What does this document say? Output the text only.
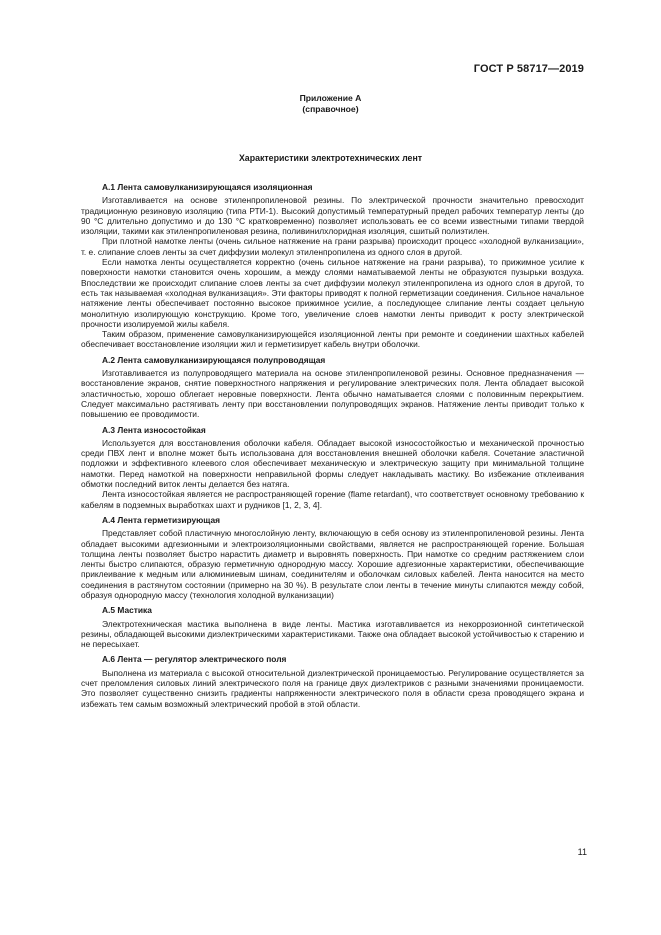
ГОСТ Р 58717—2019
Приложение А
(справочное)
Характеристики электротехнических лент
А.1 Лента самовулканизирующаяся изоляционная

Изготавливается на основе этиленпропиленовой резины. По электрической прочности значительно превосходит традиционную резиновую изоляцию (типа РТИ-1). Высокий допустимый температурный предел рабочих температур ленты (до 90 °С длительно допустимо и до 130 °С кратковременно) позволяет использовать ее со всеми известными типами твердой изоляции, такими как этиленпропиленовая резина, поливинилхлоридная изоляция, сшитый полиэтилен.

При плотной намотке ленты (очень сильное натяжение на грани разрыва) происходит процесс «холодной вулканизации», т. е. слипание слоев ленты за счет диффузии молекул этиленпропилена из одного слоя в другой.

Если намотка ленты осуществляется корректно (очень сильное натяжение на грани разрыва), то прижимное усилие к поверхности намотки становится очень хорошим, а между слоями наматываемой ленты не образуются пузырьки воздуха. Впоследствии же происходит слипание слоев ленты за счет диффузии молекул этиленпропилена из одного слоя в другой, то есть так называемая «холодная вулканизация». Эти факторы приводят к полной герметизации соединения. Сильное начальное натяжение ленты обеспечивает постоянно высокое прижимное усилие, а последующее слипание ленты создает цельную монолитную изолирующую конструкцию. Кроме того, увеличение слоев намотки ленты приводит к росту электрической прочности изолируемой жилы кабеля.

Таким образом, применение самовулканизирующейся изоляционной ленты при ремонте и соединении шахтных кабелей обеспечивает восстановление изоляции жил и герметизирует кабель внутри оболочки.

А.2 Лента самовулканизирующаяся полупроводящая

Изготавливается из полупроводящего материала на основе этиленпропиленовой резины. Основное предназначения — восстановление экранов, снятие поверхностного напряжения и регулирование электрических поля. Лента обладает высокой эластичностью, хорошо облегает неровные поверхности. Лента обычно наматывается слоями с половинным перекрытием. Следует максимально растягивать ленту при восстановлении полупроводящих экранов. Натяжение ленты приводит только к повышению ее проводимости.

А.3 Лента износостойкая

Используется для восстановления оболочки кабеля. Обладает высокой износостойкостью и механической прочностью среди ПВХ лент и вполне может быть использована для восстановления внешней оболочки кабеля. Сочетание эластичной подложки и эффективного клеевого слоя обеспечивает механическую и электрическую защиту при минимальной толщине намотки. Перед намоткой на поверхности неправильной формы следует накладывать мастику. Во избежание отклеивания обмотки последний виток ленты делается без натяга.

Лента износостойкая является не распространяющей горение (flame retardant), что соответствует основному требованию к кабелям в подземных выработках шахт и рудников [1, 2, 3, 4].

А.4 Лента герметизирующая

Представляет собой пластичную многослойную ленту, включающую в себя основу из этиленпропиленовой резины. Лента обладает высокими адгезионными и электроизоляционными свойствами, является не распространяющей горение. Большая толщина ленты позволяет быстро нарастить диаметр и выровнять поверхность. При намотке со средним растяжением слои ленты быстро слипаются, образую герметичную однородную массу. Хорошие адгезионные характеристики, обеспечивающие приклеивание к медным или алюминиевым шинам, соединителям и оболочкам силовых кабелей. Лента наносится на место соединения в растянутом состоянии (примерно на 30 %). В результате слои ленты в течение минуты слипаются между собой, образуя однородную массу (технология холодной вулканизации)

А.5 Мастика

Электротехническая мастика выполнена в виде ленты. Мастика изготавливается из некоррозионной синтетической резины, обладающей высокими диэлектрическими характеристиками. Также она обладает высокой устойчивостью к старению и не пересыхает.

А.6 Лента — регулятор электрического поля

Выполнена из материала с высокой относительной диэлектрической проницаемостью. Регулирование осуществляется за счет преломления силовых линий электрического поля на границе двух диэлектриков с разными значениями проницаемости. Это позволяет существенно снизить градиенты напряженности электрического поля в области среза проводящего экрана и избежать тем самым возможный электрический пробой в этой области.

11
